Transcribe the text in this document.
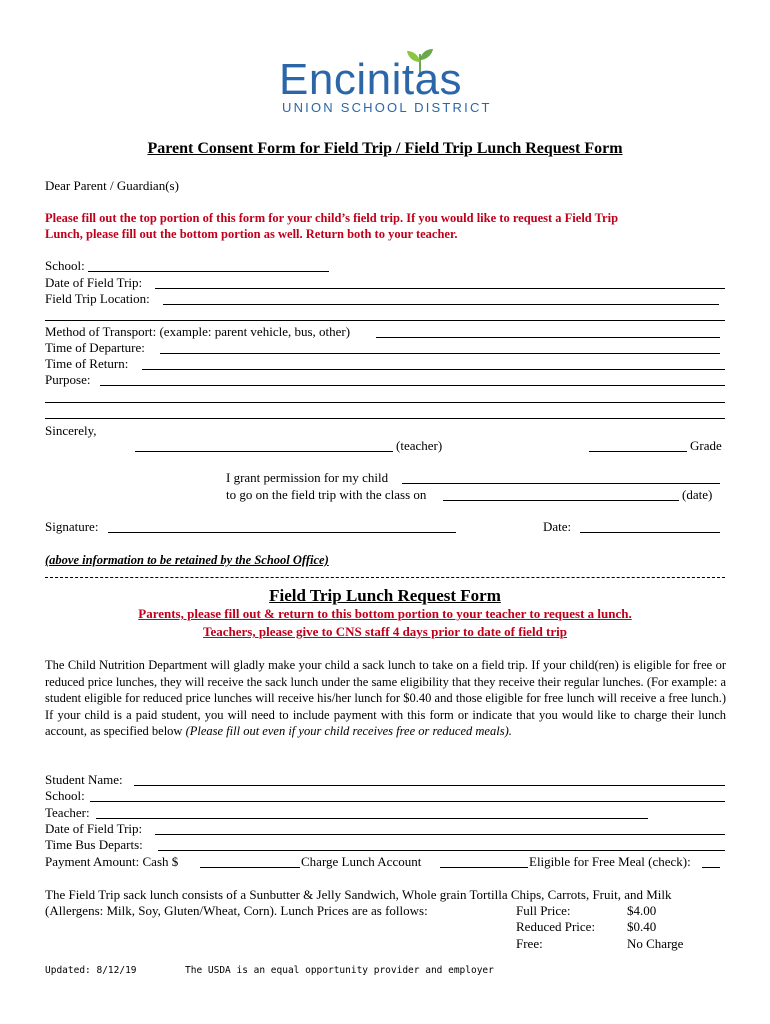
Encinitas
UNION SCHOOL DISTRICT
Parent Consent Form for Field Trip / Field Trip Lunch Request Form
Dear Parent / Guardian(s)
Please fill out the top portion of this form for your child’s field trip. If you would like to request a Field Trip
Lunch, please fill out the bottom portion as well. Return both to your teacher.
School:
Date of Field Trip:
Field Trip Location:
Method of Transport: (example: parent vehicle, bus, other)
Time of Departure:
Time of Return:
Purpose:
Sincerely,
(teacher)	Grade
I grant permission for my child
to go on the field trip with the class on	(date)
Signature:	Date:
(above information to be retained by the School Office)
Field Trip Lunch Request Form
Parents, please fill out & return to this bottom portion to your teacher to request a lunch.
Teachers, please give to CNS staff 4 days prior to date of field trip
The Child Nutrition Department will gladly make your child a sack lunch to take on a field trip. If your child(ren) is eligible for free or reduced price lunches, they will receive the sack lunch under the same eligibility that they receive their regular lunches. (For example: a student eligible for reduced price lunches will receive his/her lunch for $0.40 and those eligible for free lunch will receive a free lunch.) If your child is a paid student, you will need to include payment with this form or indicate that you would like to charge their lunch account, as specified below (Please fill out even if your child receives free or reduced meals).
Student Name:
School:
Teacher:
Date of Field Trip:
Time Bus Departs:
Payment Amount: Cash $	Charge Lunch Account	Eligible for Free Meal (check):
The Field Trip sack lunch consists of a Sunbutter & Jelly Sandwich, Whole grain Tortilla Chips, Carrots, Fruit, and Milk
(Allergens: Milk, Soy, Gluten/Wheat, Corn). Lunch Prices are as follows:	Full Price:	$4.00
Reduced Price: $0.40
Free:	No Charge
Updated: 8/12/19	The USDA is an equal opportunity provider and employer
